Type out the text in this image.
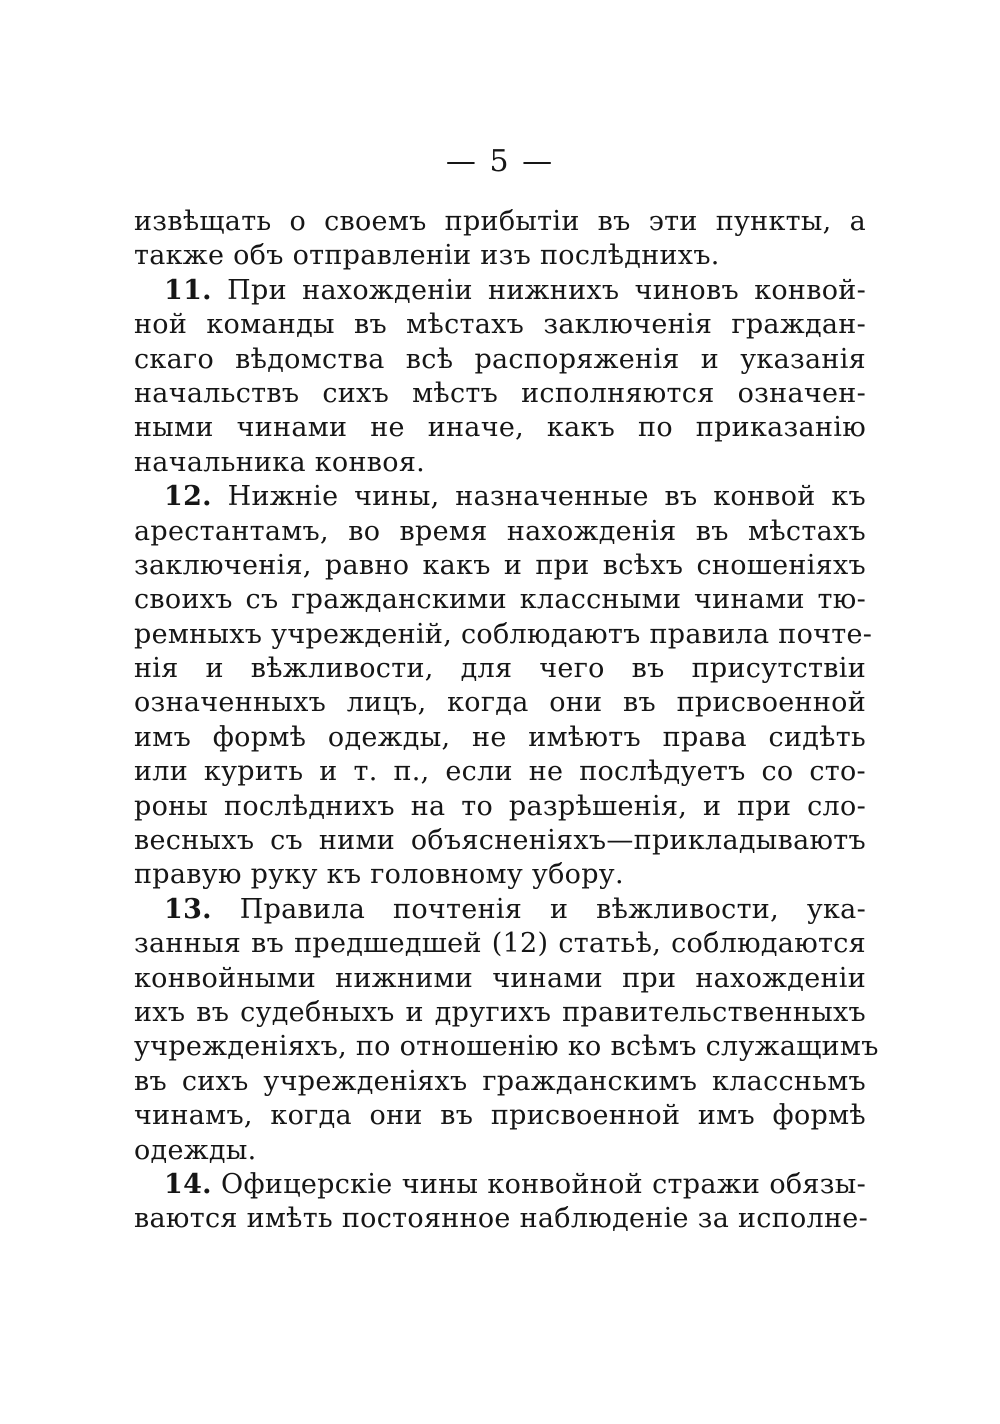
— 5 —
извѣщать о своемъ прибытіи въ эти пункты, а
также объ отправленіи изъ послѣднихъ.
11. При нахожденіи нижнихъ чиновъ конвой-
ной команды въ мѣстахъ заключенія граждан-
скаго вѣдомства всѣ распоряженія и указанія
начальствъ сихъ мѣстъ исполняются означен-
ными чинами не иначе, какъ по приказанію
начальника конвоя.
12. Нижніе чины, назначенные въ конвой къ
арестантамъ, во время нахожденія въ мѣстахъ
заключенія, равно какъ и при всѣхъ сношеніяхъ
своихъ съ гражданскими классными чинами тю-
ремныхъ учрежденій, соблюдаютъ правила почте-
нія и вѣжливости, для чего въ присутствіи
означенныхъ лицъ, когда они въ присвоенной
имъ формѣ одежды, не имѣютъ права сидѣть
или курить и т. п., если не послѣдуетъ со сто-
роны послѣднихъ на то разрѣшенія, и при сло-
весныхъ съ ними объясненіяхъ—прикладываютъ
правую руку къ головному убору.
13. Правила почтенія и вѣжливости, ука-
занныя въ предшедшей (12) статьѣ, соблюдаются
конвойными нижними чинами при нахожденіи
ихъ въ судебныхъ и другихъ правительственныхъ
учрежденіяхъ, по отношенію ко всѣмъ служащимъ
въ сихъ учрежденіяхъ гражданскимъ классньмъ
чинамъ, когда они въ присвоенной имъ формѣ
одежды.
14. Офицерскіе чины конвойной стражи обязы-
ваются имѣть постоянное наблюденіе за исполне-
